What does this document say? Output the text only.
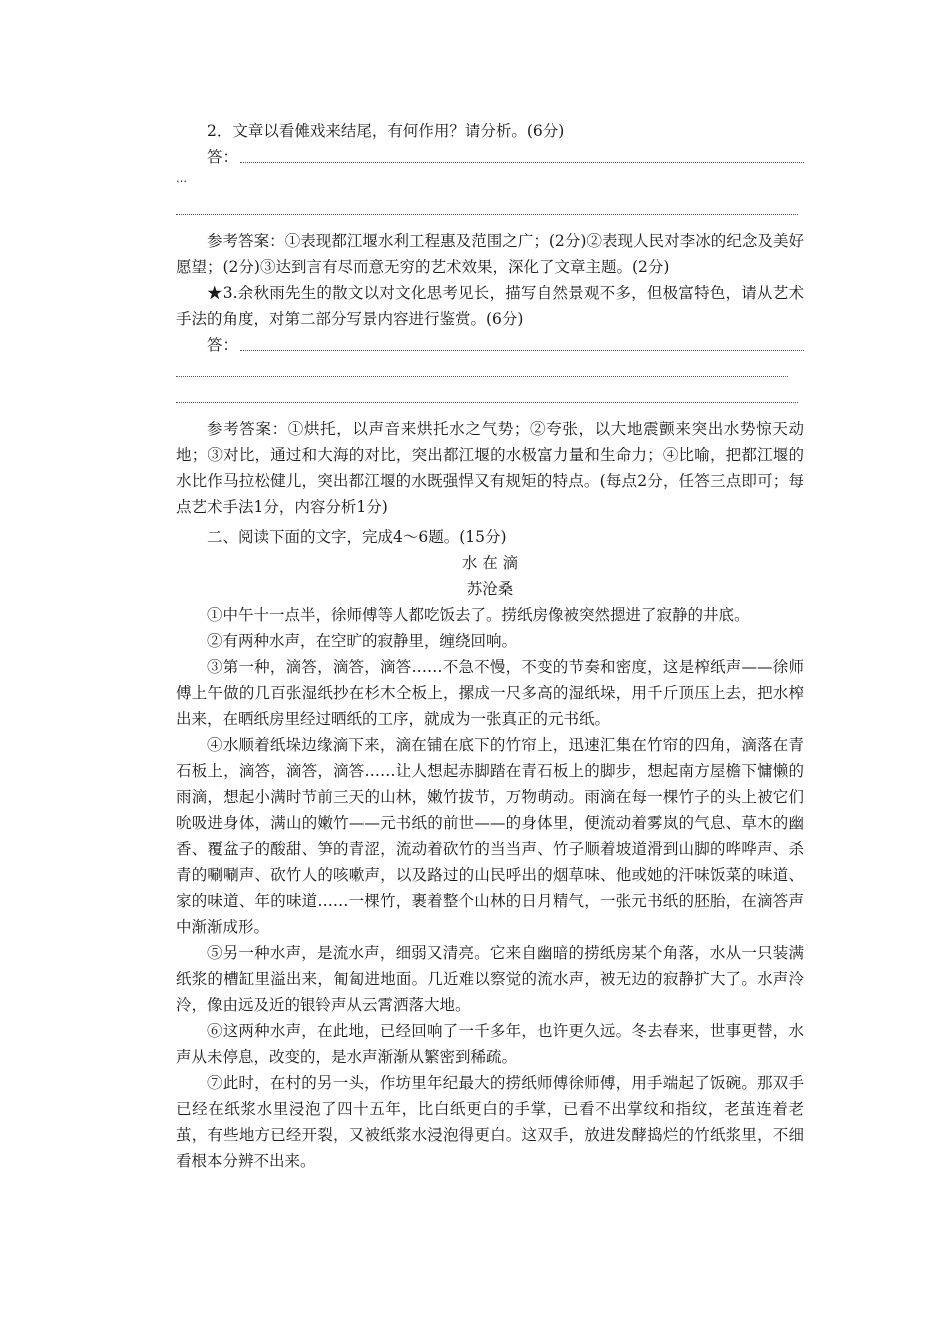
2．文章以看傩戏来结尾，有何作用？请分析。(6分)

答：
…

参考答案：①表现都江堰水利工程惠及范围之广；(2分)②表现人民对李冰的纪念及美好愿望；(2分)③达到言有尽而意无穷的艺术效果，深化了文章主题。(2分)

★3.余秋雨先生的散文以对文化思考见长，描写自然景观不多，但极富特色，请从艺术手法的角度，对第二部分写景内容进行鉴赏。(6分)

答：

参考答案：①烘托，以声音来烘托水之气势；②夸张，以大地震颤来突出水势惊天动地；③对比，通过和大海的对比，突出都江堰的水极富力量和生命力；④比喻，把都江堰的水比作马拉松健儿，突出都江堰的水既强悍又有规矩的特点。(每点2分，任答三点即可；每点艺术手法1分，内容分析1分)

二、阅读下面的文字，完成4～6题。(15分)

水 在 滴

苏沧桑

①中午十一点半，徐师傅等人都吃饭去了。捞纸房像被突然摁进了寂静的井底。

②有两种水声，在空旷的寂静里，缠绕回响。

③第一种，滴答，滴答，滴答……不急不慢，不变的节奏和密度，这是榨纸声——徐师傅上午做的几百张湿纸抄在杉木仝板上，摞成一尺多高的湿纸垛，用千斤顶压上去，把水榨出来，在晒纸房里经过晒纸的工序，就成为一张真正的元书纸。

④水顺着纸垛边缘滴下来，滴在铺在底下的竹帘上，迅速汇集在竹帘的四角，滴落在青石板上，滴答，滴答，滴答……让人想起赤脚踏在青石板上的脚步，想起南方屋檐下慵懒的雨滴，想起小满时节前三天的山林，嫩竹拔节，万物萌动。雨滴在每一棵竹子的头上被它们吮吸进身体，满山的嫩竹——元书纸的前世——的身体里，便流动着雾岚的气息、草木的幽香、覆盆子的酸甜、笋的青涩，流动着砍竹的当当声、竹子顺着坡道滑到山脚的哗哗声、杀青的唰唰声、砍竹人的咳嗽声，以及路过的山民呼出的烟草味、他或她的汗味饭菜的味道、家的味道、年的味道……一棵竹，裹着整个山林的日月精气，一张元书纸的胚胎，在滴答声中渐渐成形。

⑤另一种水声，是流水声，细弱又清亮。它来自幽暗的捞纸房某个角落，水从一只装满纸浆的槽缸里溢出来，匍匐进地面。几近难以察觉的流水声，被无边的寂静扩大了。水声泠泠，像由远及近的银铃声从云霄洒落大地。

⑥这两种水声，在此地，已经回响了一千多年，也许更久远。冬去春来，世事更替，水声从未停息，改变的，是水声渐渐从繁密到稀疏。

⑦此时，在村的另一头，作坊里年纪最大的捞纸师傅徐师傅，用手端起了饭碗。那双手已经在纸浆水里浸泡了四十五年，比白纸更白的手掌，已看不出掌纹和指纹，老茧连着老茧，有些地方已经开裂，又被纸浆水浸泡得更白。这双手，放进发酵捣烂的竹纸浆里，不细看根本分辨不出来。
